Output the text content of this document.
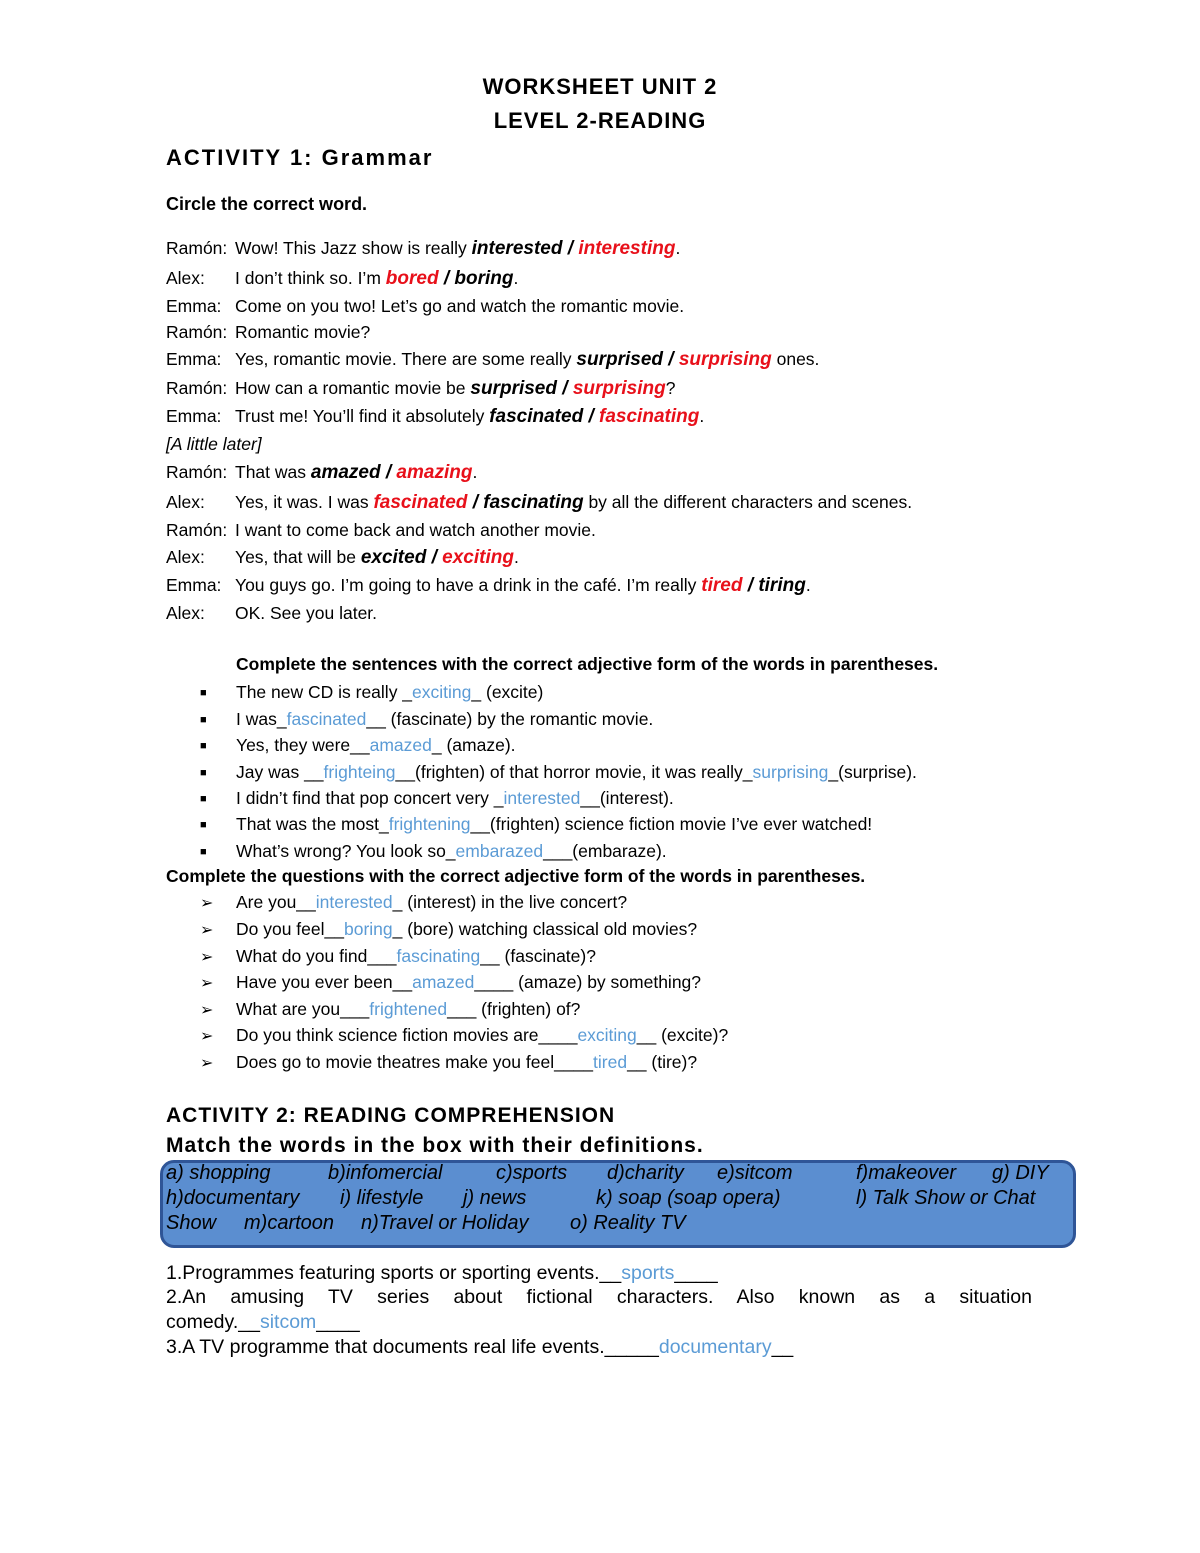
WORKSHEET UNIT 2
LEVEL 2-READING
ACTIVITY 1: Grammar
Circle the correct word.
Ramón: Wow! This Jazz show is really interested / interesting.
Alex: I don’t think so. I’m bored / boring.
Emma: Come on you two! Let’s go and watch the romantic movie.
Ramón: Romantic movie?
Emma: Yes, romantic movie. There are some really surprised / surprising ones.
Ramón: How can a romantic movie be surprised / surprising?
Emma: Trust me! You’ll find it absolutely fascinated / fascinating.
[A little later]
Ramón: That was amazed / amazing.
Alex: Yes, it was. I was fascinated / fascinating by all the different characters and scenes.
Ramón: I want to come back and watch another movie.
Alex: Yes, that will be excited / exciting.
Emma: You guys go. I’m going to have a drink in the café. I’m really tired / tiring.
Alex: OK. See you later.
Complete the sentences with the correct adjective form of the words in parentheses.
■ The new CD is really _exciting_ (excite)
■ I was_fascinated__ (fascinate) by the romantic movie.
■ Yes, they were__amazed_ (amaze).
■ Jay was __frighteing__(frighten) of that horror movie, it was really_surprising_(surprise).
■ I didn’t find that pop concert very _interested__(interest).
■ That was the most_frightening__(frighten) science fiction movie I’ve ever watched!
■ What’s wrong? You look so_embarazed___(embaraze).
Complete the questions with the correct adjective form of the words in parentheses.
➢ Are you__interested_ (interest) in the live concert?
➢ Do you feel__boring_ (bore) watching classical old movies?
➢ What do you find___fascinating__ (fascinate)?
➢ Have you ever been__amazed____ (amaze) by something?
➢ What are you___frightened___ (frighten) of?
➢ Do you think science fiction movies are____exciting__ (excite)?
➢ Does go to movie theatres make you feel____tired__ (tire)?
ACTIVITY 2: READING COMPREHENSION
Match the words in the box with their definitions.
a) shopping	b)infomercial	c)sports d)charity e)sitcom	f)makeover g) DIY
h)documentary i) lifestyle j) news	k) soap (soap opera)	l) Talk Show or Chat
Show m)cartoon n)Travel or Holiday o) Reality TV
1.Programmes featuring sports or sporting events.__sports____
2.An amusing TV series about fictional characters. Also known as a situation
comedy.__sitcom____
3.A TV programme that documents real life events._____documentary__
